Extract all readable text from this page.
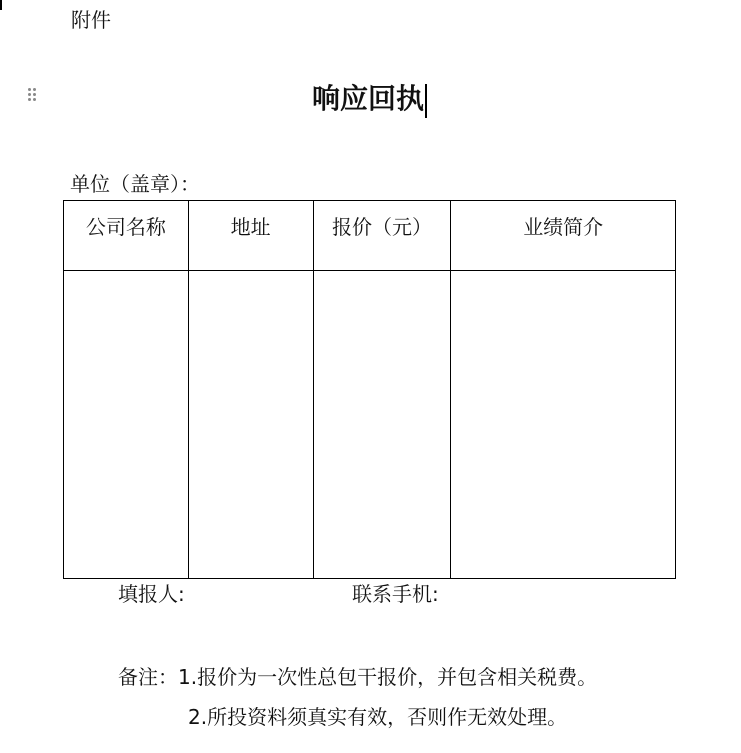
附件
响应回执
单位（盖章）：
公司名称	地址	报价（元）	业绩简介

填报人:	联系手机:
备注：1.报价为一次性总包干报价，并包含相关税费。
2.所投资料须真实有效，否则作无效处理。
